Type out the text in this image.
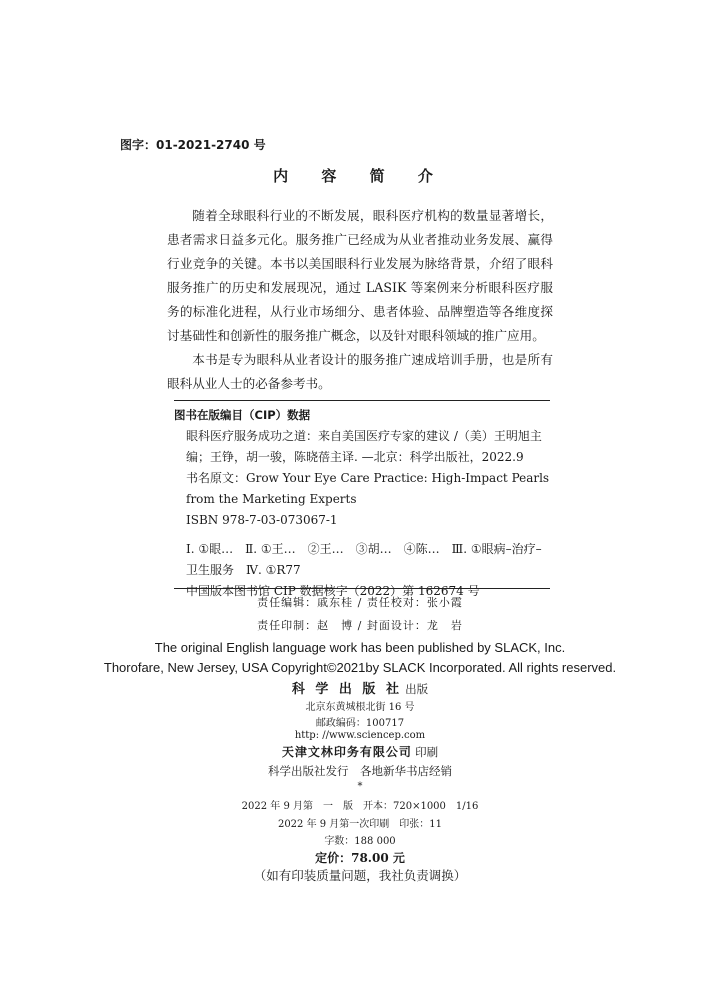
图字：01-2021-2740 号
内 容 简 介

随着全球眼科行业的不断发展，眼科医疗机构的数量显著增长，患者需求日益多元化。服务推广已经成为从业者推动业务发展、赢得行业竞争的关键。本书以美国眼科行业发展为脉络背景，介绍了眼科服务推广的历史和发展现况，通过 LASIK 等案例来分析眼科医疗服务的标准化进程，从行业市场细分、患者体验、品牌塑造等各维度探讨基础性和创新性的服务推广概念，以及针对眼科领域的推广应用。

本书是专为眼科从业者设计的服务推广速成培训手册，也是所有眼科从业人士的必备参考书。

图书在版编目（CIP）数据
眼科医疗服务成功之道：来自美国医疗专家的建议 /（美）王明旭主编；王铮，胡一骏，陈晓蓓主译. —北京：科学出版社，2022.9
书名原文：Grow Your Eye Care Practice: High-Impact Pearls from the Marketing Experts
ISBN 978-7-03-073067-1
Ⅰ. ①眼…　Ⅱ. ①王…　②王…　③胡…　④陈…　Ⅲ. ①眼病–治疗–卫生服务　Ⅳ. ①R77
中国版本图书馆 CIP 数据核字（2022）第 162674 号
责任编辑：戚东桂 / 责任校对：张小霞
责任印制：赵　博 / 封面设计：龙　岩
The original English language work has been published by SLACK, Inc.
Thorofare, New Jersey, USA Copyright©2021by SLACK Incorporated. All rights reserved.
科 学 出 版 社 出版
北京东黄城根北街 16 号
邮政编码：100717
http: //www.sciencep.com
天津文林印务有限公司 印刷
科学出版社发行　各地新华书店经销
*
2022 年 9 月第　一　版　开本：720×1000　1/16
2022 年 9 月第一次印刷　印张：11
字数：188 000
定价：78.00 元
（如有印装质量问题，我社负责调换）
